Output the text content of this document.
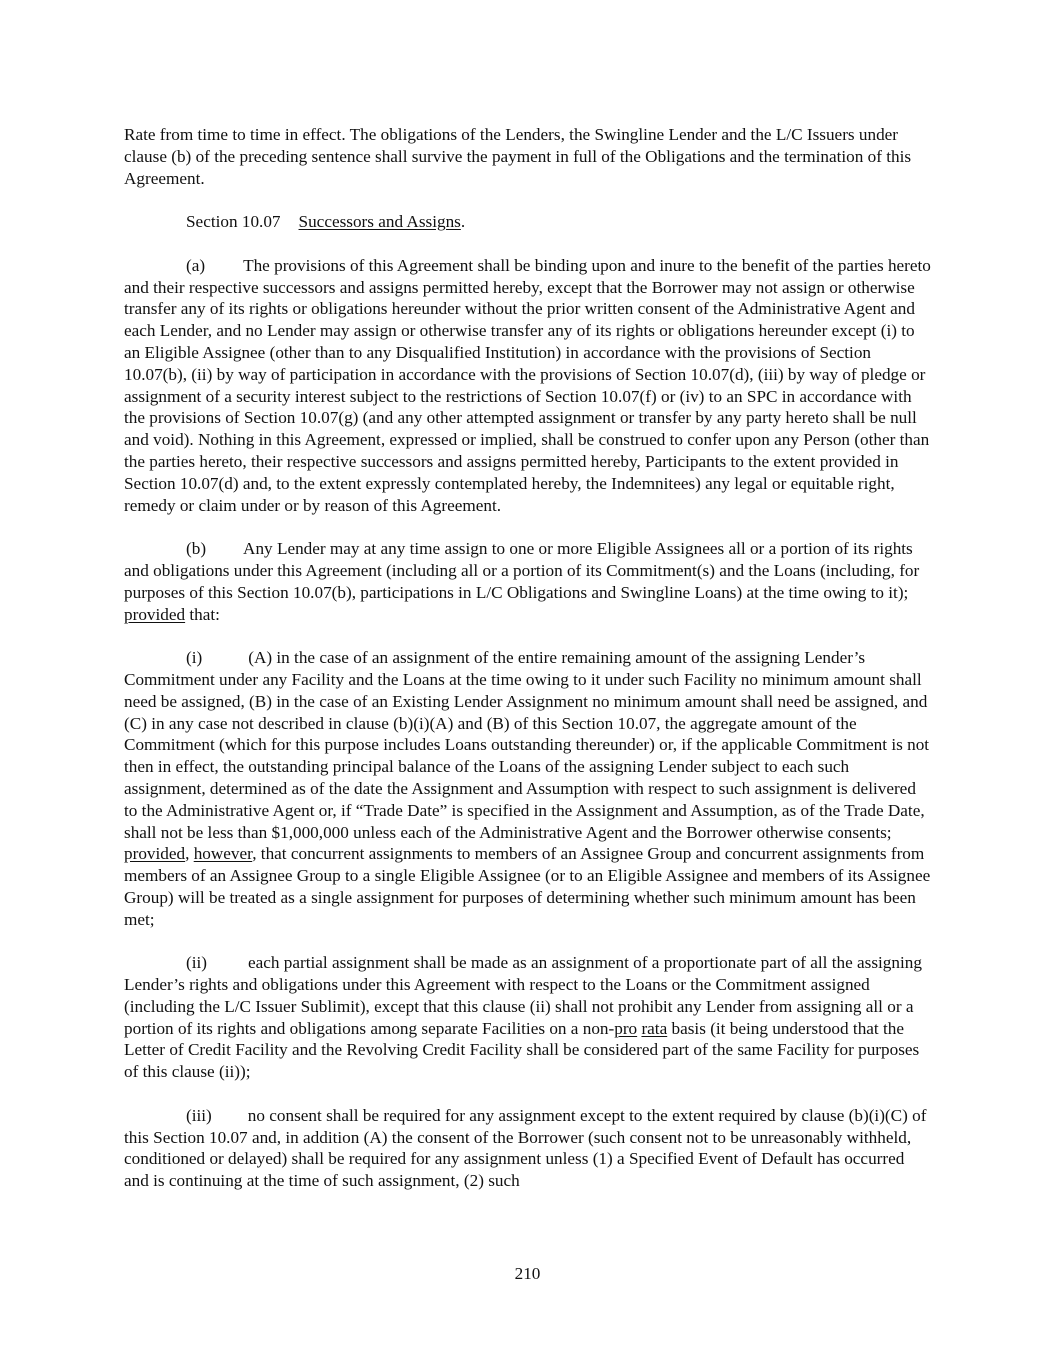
Rate from time to time in effect. The obligations of the Lenders, the Swingline Lender and the L/C Issuers under clause (b) of the preceding sentence shall survive the payment in full of the Obligations and the termination of this Agreement.

Section 10.07 Successors and Assigns.

(a) The provisions of this Agreement shall be binding upon and inure to the benefit of the parties hereto and their respective successors and assigns permitted hereby, except that the Borrower may not assign or otherwise transfer any of its rights or obligations hereunder without the prior written consent of the Administrative Agent and each Lender, and no Lender may assign or otherwise transfer any of its rights or obligations hereunder except (i) to an Eligible Assignee (other than to any Disqualified Institution) in accordance with the provisions of Section 10.07(b), (ii) by way of participation in accordance with the provisions of Section 10.07(d), (iii) by way of pledge or assignment of a security interest subject to the restrictions of Section 10.07(f) or (iv) to an SPC in accordance with the provisions of Section 10.07(g) (and any other attempted assignment or transfer by any party hereto shall be null and void). Nothing in this Agreement, expressed or implied, shall be construed to confer upon any Person (other than the parties hereto, their respective successors and assigns permitted hereby, Participants to the extent provided in Section 10.07(d) and, to the extent expressly contemplated hereby, the Indemnitees) any legal or equitable right, remedy or claim under or by reason of this Agreement.

(b) Any Lender may at any time assign to one or more Eligible Assignees all or a portion of its rights and obligations under this Agreement (including all or a portion of its Commitment(s) and the Loans (including, for purposes of this Section 10.07(b), participations in L/C Obligations and Swingline Loans) at the time owing to it); provided that:

(i)	(A) in the case of an assignment of the entire remaining amount of the assigning Lender’s Commitment under any Facility and the Loans at the time owing to it under such Facility no minimum amount shall need be assigned, (B) in the case of an Existing Lender Assignment no minimum amount shall need be assigned, and (C) in any case not described in clause (b)(i)(A) and (B) of this Section 10.07, the aggregate amount of the Commitment (which for this purpose includes Loans outstanding thereunder) or, if the applicable Commitment is not then in effect, the outstanding principal balance of the Loans of the assigning Lender subject to each such assignment, determined as of the date the Assignment and Assumption with respect to such assignment is delivered to the Administrative Agent or, if “Trade Date” is specified in the Assignment and Assumption, as of the Trade Date, shall not be less than $1,000,000 unless each of the Administrative Agent and the Borrower otherwise consents; provided, however, that concurrent assignments to members of an Assignee Group and concurrent assignments from members of an Assignee Group to a single Eligible Assignee (or to an Eligible Assignee and members of its Assignee Group) will be treated as a single assignment for purposes of determining whether such minimum amount has been met;

(ii) each partial assignment shall be made as an assignment of a proportionate part of all the assigning Lender’s rights and obligations under this Agreement with respect to the Loans or the Commitment assigned (including the L/C Issuer Sublimit), except that this clause (ii) shall not prohibit any Lender from assigning all or a portion of its rights and obligations among separate Facilities on a non-pro rata basis (it being understood that the Letter of Credit Facility and the Revolving Credit Facility shall be considered part of the same Facility for purposes of this clause (ii));

(iii) no consent shall be required for any assignment except to the extent required by clause (b)(i)(C) of this Section 10.07 and, in addition (A) the consent of the Borrower (such consent not to be unreasonably withheld, conditioned or delayed) shall be required for any assignment unless (1) a Specified Event of Default has occurred and is continuing at the time of such assignment, (2) such

210
